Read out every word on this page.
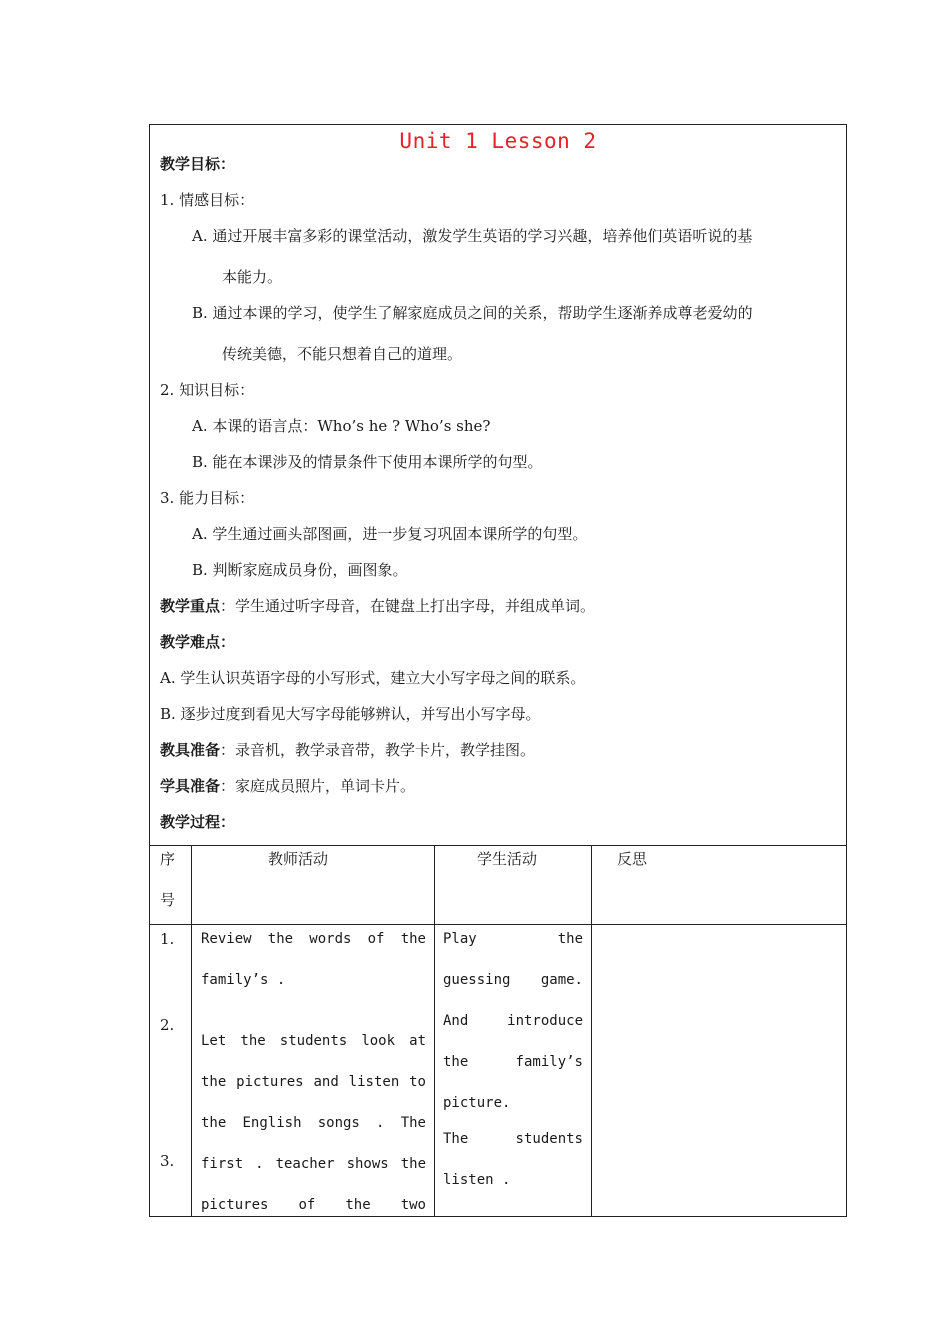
Unit 1 Lesson 2
教学目标：
1. 情感目标：
A. 通过开展丰富多彩的课堂活动，激发学生英语的学习兴趣，培养他们英语听说的基
本能力。
B. 通过本课的学习，使学生了解家庭成员之间的关系，帮助学生逐渐养成尊老爱幼的
传统美德，不能只想着自己的道理。
2. 知识目标：
A. 本课的语言点：Who’s he ? Who’s she?
B. 能在本课涉及的情景条件下使用本课所学的句型。
3. 能力目标：
A. 学生通过画头部图画，进一步复习巩固本课所学的句型。
B. 判断家庭成员身份，画图象。
教学重点：学生通过听字母音，在键盘上打出字母，并组成单词。
教学难点：
A. 学生认识英语字母的小写形式，建立大小写字母之间的联系。
B. 逐步过度到看见大写字母能够辨认，并写出小写字母。
教具准备：录音机，教学录音带，教学卡片，教学挂图。
学具准备：家庭成员照片，单词卡片。
教学过程：
序
号
教师活动	学生活动	反思
1.
2.
3.
Review the words of the
family’s .
Let the students look at
the pictures and listen to
the English songs . The
first . teacher shows the
pictures of the two
Play the
guessing game.
And introduce
the family’s
picture.
The students
listen .
